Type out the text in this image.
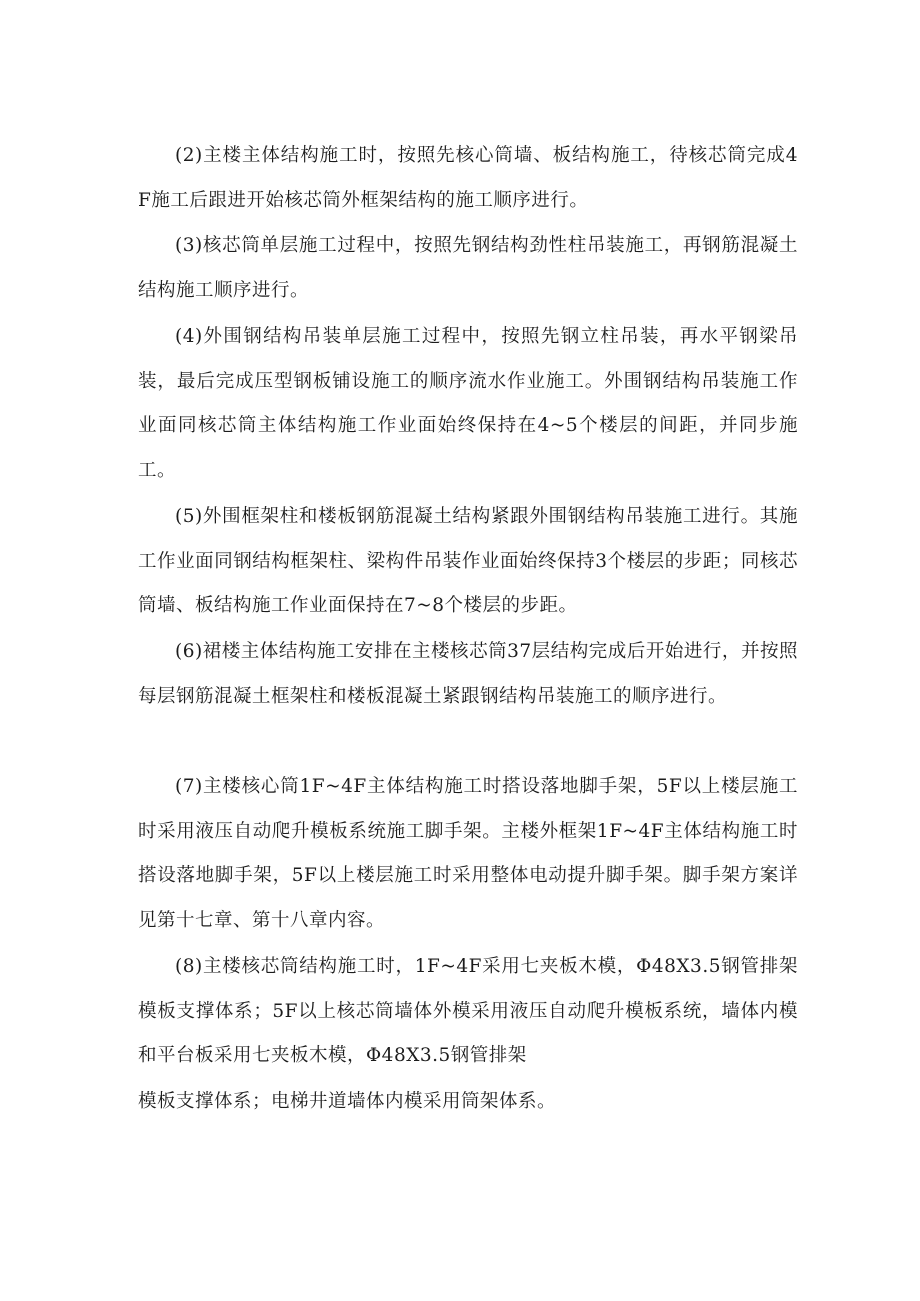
(2)主楼主体结构施工时，按照先核心筒墙、板结构施工，待核芯筒完成4F施工后跟进开始核芯筒外框架结构的施工顺序进行。

(3)核芯筒单层施工过程中，按照先钢结构劲性柱吊装施工，再钢筋混凝土结构施工顺序进行。

(4)外围钢结构吊装单层施工过程中，按照先钢立柱吊装，再水平钢梁吊装，最后完成压型钢板铺设施工的顺序流水作业施工。外围钢结构吊装施工作业面同核芯筒主体结构施工作业面始终保持在4~5个楼层的间距，并同步施工。

(5)外围框架柱和楼板钢筋混凝土结构紧跟外围钢结构吊装施工进行。其施工作业面同钢结构框架柱、梁构件吊装作业面始终保持3个楼层的步距；同核芯筒墙、板结构施工作业面保持在7~8个楼层的步距。

(6)裙楼主体结构施工安排在主楼核芯筒37层结构完成后开始进行，并按照每层钢筋混凝土框架柱和楼板混凝土紧跟钢结构吊装施工的顺序进行。

(7)主楼核心筒1F~4F主体结构施工时搭设落地脚手架，5F以上楼层施工时采用液压自动爬升模板系统施工脚手架。主楼外框架1F~4F主体结构施工时搭设落地脚手架，5F以上楼层施工时采用整体电动提升脚手架。脚手架方案详见第十七章、第十八章内容。

(8)主楼核芯筒结构施工时，1F~4F采用七夹板木模，Φ48X3.5钢管排架模板支撑体系；5F以上核芯筒墙体外模采用液压自动爬升模板系统，墙体内模和平台板采用七夹板木模，Φ48X3.5钢管排架

模板支撑体系；电梯井道墙体内模采用筒架体系。
